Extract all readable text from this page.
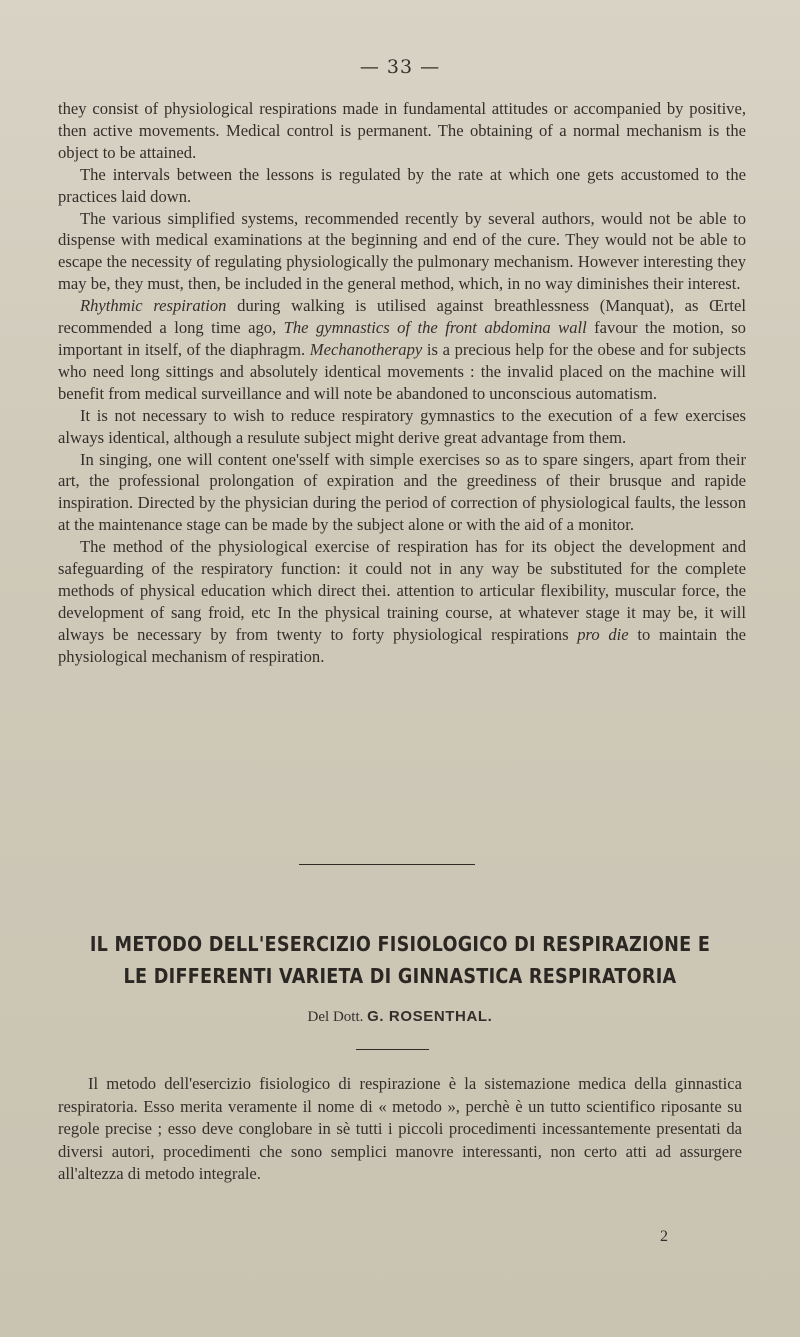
— 33 —

they consist of physiological respirations made in fundamental attitudes or accompanied by positive, then active movements. Medical control is permanent. The obtaining of a normal mechanism is the object to be attained.

The intervals between the lessons is regulated by the rate at which one gets accustomed to the practices laid down.

The various simplified systems, recommended recently by several authors, would not be able to dispense with medical examinations at the beginning and end of the cure. They would not be able to escape the necessity of regulating physiologically the pulmonary mechanism. However interesting they may be, they must, then, be included in the general method, which, in no way diminishes their interest.

Rhythmic respiration during walking is utilised against breathlessness (Manquat), as Œrtel recommended a long time ago, The gymnastics of the front abdomina wall favour the motion, so important in itself, of the diaphragm. Mechanotherapy is a precious help for the obese and for subjects who need long sittings and absolutely identical movements : the invalid placed on the machine will benefit from medical surveillance and will note be abandoned to unconscious automatism.

It is not necessary to wish to reduce respiratory gymnastics to the execution of a few exercises always identical, although a resulute subject might derive great advantage from them.

In singing, one will content one'sself with simple exercises so as to spare singers, apart from their art, the professional prolongation of expiration and the greediness of their brusque and rapide inspiration. Directed by the physician during the period of correction of physiological faults, the lesson at the maintenance stage can be made by the subject alone or with the aid of a monitor.

The method of the physiological exercise of respiration has for its object the development and safeguarding of the respiratory function: it could not in any way be substituted for the complete methods of physical education which direct thei. attention to articular flexibility, muscular force, the development of sang froid, etc In the physical training course, at whatever stage it may be, it will always be necessary by from twenty to forty physiological respirations pro die to maintain the physiological mechanism of respiration.

IL METODO DELL'ESERCIZIO FISIOLOGICO DI RESPIRAZIONE E
LE DIFFERENTI VARIETA DI GINNASTICA RESPIRATORIA
Del Dott. G. ROSENTHAL.

Il metodo dell'esercizio fisiologico di respirazione è la sistemazione medica della ginnastica respiratoria. Esso merita veramente il nome di « metodo », perchè è un tutto scientifico riposante su regole precise ; esso deve conglobare in sè tutti i piccoli procedimenti incessantemente presentati da diversi autori, procedimenti che sono semplici manovre interessanti, non certo atti ad assurgere all'altezza di metodo integrale.

2
